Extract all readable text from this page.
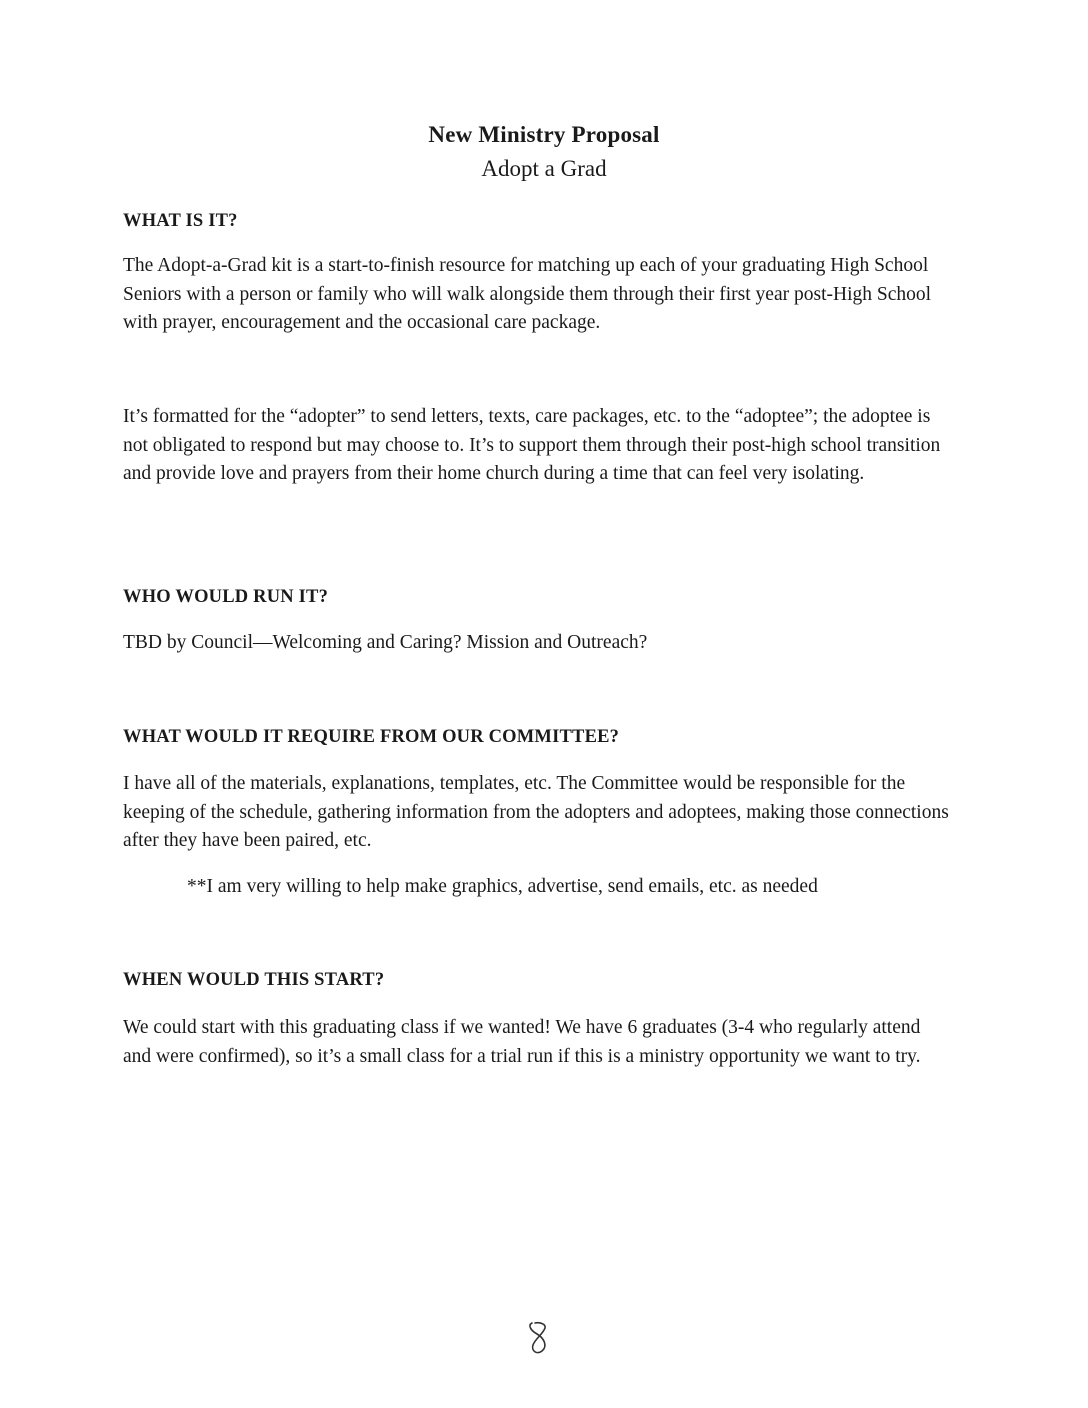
New Ministry Proposal
Adopt a Grad
WHAT IS IT?

The Adopt-a-Grad kit is a start-to-finish resource for matching up each of your graduating High School Seniors with a person or family who will walk alongside them through their first year post-High School with prayer, encouragement and the occasional care package.

It’s formatted for the “adopter” to send letters, texts, care packages, etc. to the “adoptee”; the adoptee is not obligated to respond but may choose to. It’s to support them through their post-high school transition and provide love and prayers from their home church during a time that can feel very isolating.

WHO WOULD RUN IT?

TBD by Council—Welcoming and Caring? Mission and Outreach?

WHAT WOULD IT REQUIRE FROM OUR COMMITTEE?

I have all of the materials, explanations, templates, etc. The Committee would be responsible for the keeping of the schedule, gathering information from the adopters and adoptees, making those connections after they have been paired, etc.

**I am very willing to help make graphics, advertise, send emails, etc. as needed
WHEN WOULD THIS START?

We could start with this graduating class if we wanted! We have 6 graduates (3-4 who regularly attend and were confirmed), so it’s a small class for a trial run if this is a ministry opportunity we want to try.
